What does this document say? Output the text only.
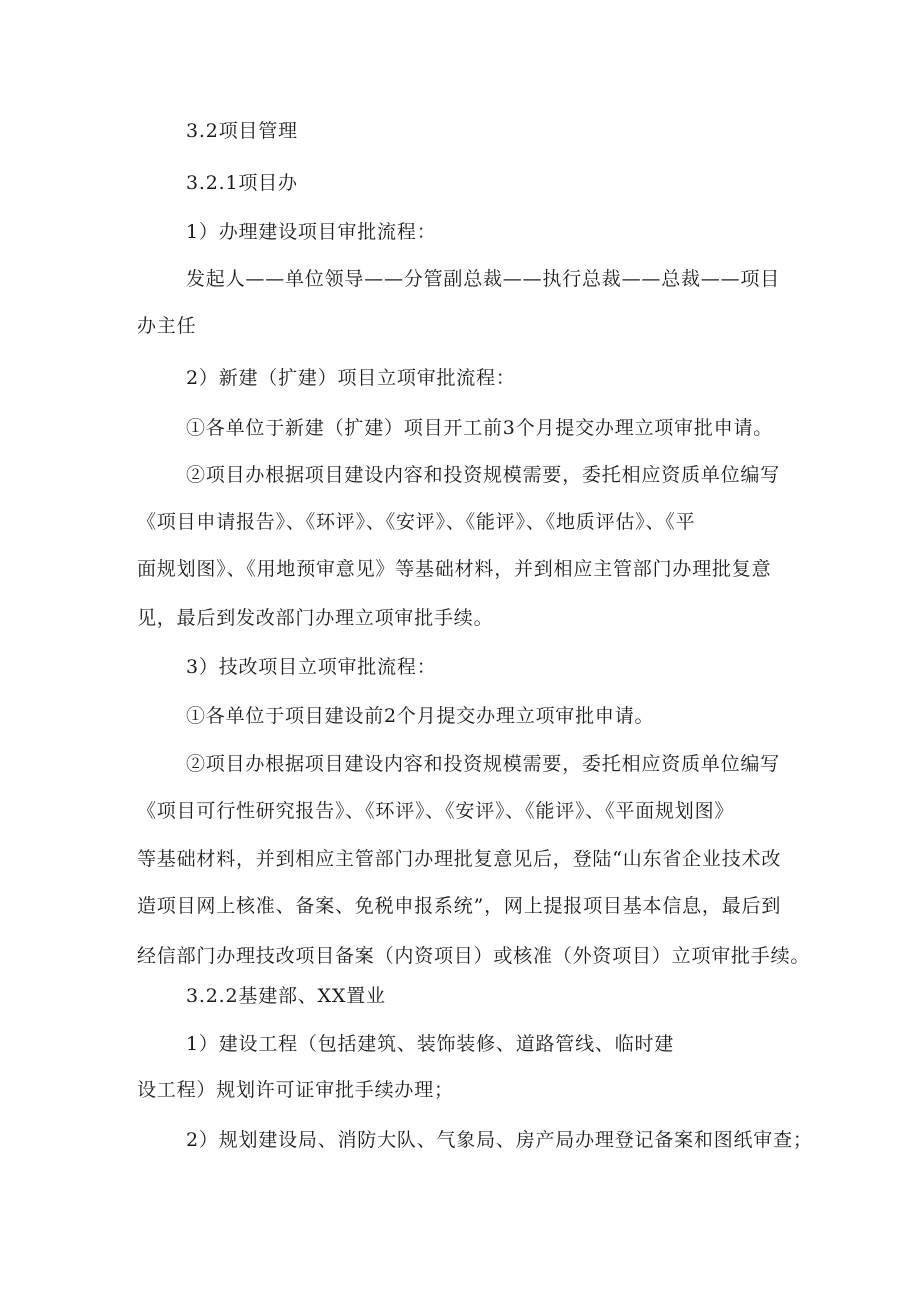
3.2项目管理
3.2.1项目办
1）办理建设项目审批流程：
发起人——单位领导——分管副总裁——执行总裁——总裁——项目
办主任
2）新建（扩建）项目立项审批流程：
①各单位于新建（扩建）项目开工前3个月提交办理立项审批申请。
②项目办根据项目建设内容和投资规模需要，委托相应资质单位编写
《项目申请报告》、《环评》、《安评》、《能评》、《地质评估》、《平
面规划图》、《用地预审意见》等基础材料，并到相应主管部门办理批复意
见，最后到发改部门办理立项审批手续。
3）技改项目立项审批流程：
①各单位于项目建设前2个月提交办理立项审批申请。
②项目办根据项目建设内容和投资规模需要，委托相应资质单位编写
《项目可行性研究报告》、《环评》、《安评》、《能评》、《平面规划图》
等基础材料，并到相应主管部门办理批复意见后，登陆“山东省企业技术改
造项目网上核准、备案、免税申报系统”，网上提报项目基本信息，最后到
经信部门办理技改项目备案（内资项目）或核准（外资项目）立项审批手续。
3.2.2基建部、XX置业
1）建设工程（包括建筑、装饰装修、道路管线、临时建
设工程）规划许可证审批手续办理；
2）规划建设局、消防大队、气象局、房产局办理登记备案和图纸审查；
